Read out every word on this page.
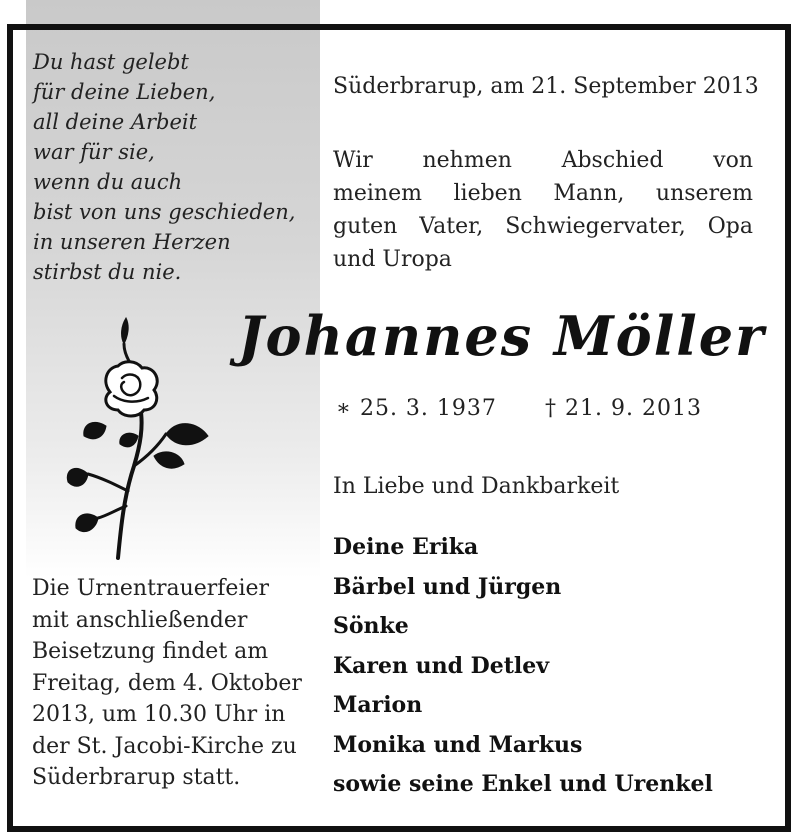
Du hast gelebt
für deine Lieben,
all deine Arbeit
war für sie,
wenn du auch
bist von uns geschieden,
in unseren Herzen
stirbst du nie.
Die Urnentrauerfeier
mit anschließender
Beisetzung findet am
Freitag, dem 4. Oktober
2013, um 10.30 Uhr in
der St. Jacobi-Kirche zu
Süderbrarup statt.
Süderbrarup, am 21. September 2013
Wir nehmen Abschied von
meinem lieben Mann, unserem
guten Vater, Schwiegervater, Opa
und Uropa
Johannes Möller
∗ 25. 3. 1937 † 21. 9. 2013
In Liebe und Dankbarkeit
Deine Erika
Bärbel und Jürgen
Sönke
Karen und Detlev
Marion
Monika und Markus
sowie seine Enkel und Urenkel
